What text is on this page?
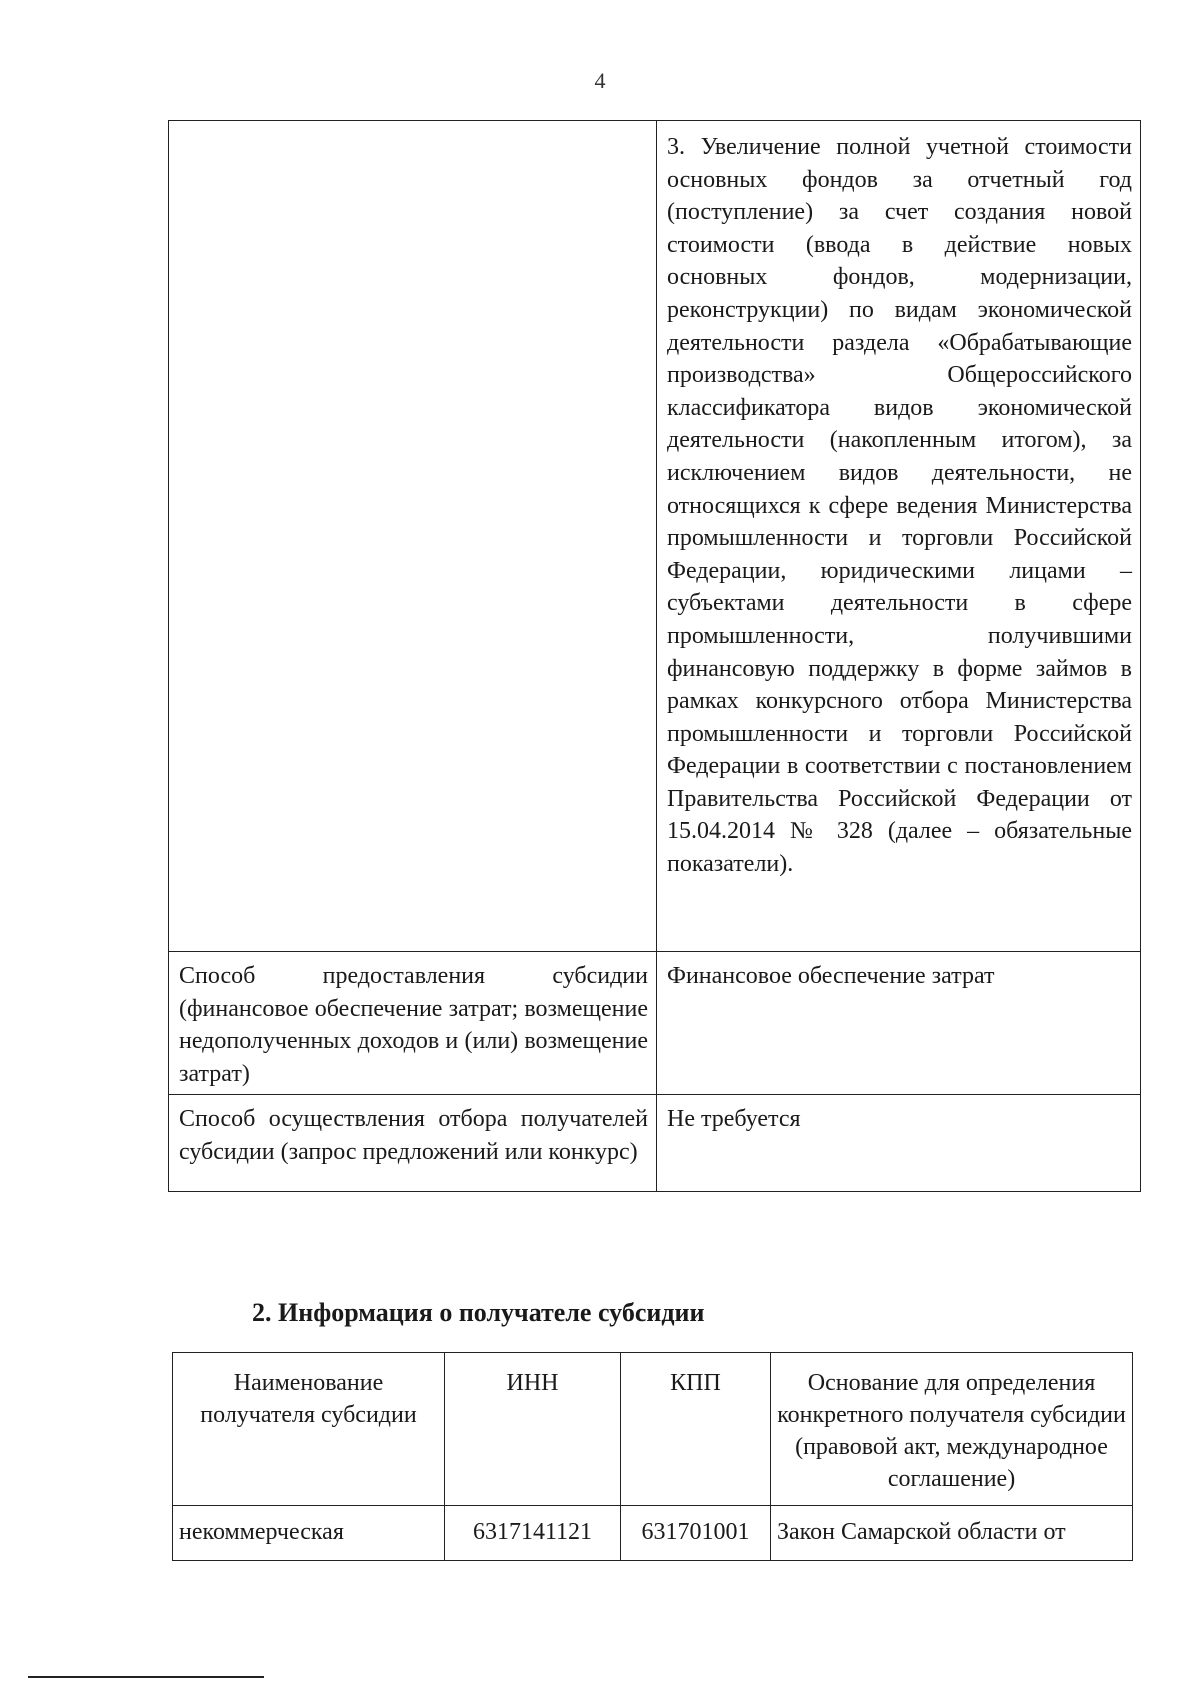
4
	3. Увеличение полной учетной стоимости основных фондов за отчетный год (поступление) за счет создания новой стоимости (ввода в действие новых основных фондов, модернизации, реконструкции) по видам экономической деятельности раздела «Обрабатывающие производства» Общероссийского классификатора видов экономической деятельности (накопленным итогом), за исключением видов деятельности, не относящихся к сфере ведения Министерства промышленности и торговли Российской Федерации, юридическими лицами – субъектами деятельности в сфере промышленности, получившими финансовую поддержку в форме займов в рамках конкурсного отбора Министерства промышленности и торговли Российской Федерации в соответствии с постановлением Правительства Российской Федерации от 15.04.2014 № 328 (далее – обязательные показатели).
Способ предоставления субсидии (финансовое обеспечение затрат; возмещение недополученных доходов и (или) возмещение затрат)	Финансовое обеспечение затрат
Способ осуществления отбора получателей субсидии (запрос предложений или конкурс)	Не требуется
2. Информация о получателе субсидии
Наименование получателя субсидии	ИНН	КПП	Основание для определения конкретного получателя субсидии (правовой акт, международное соглашение)
некоммерческая	6317141121	631701001	Закон Самарской области от
